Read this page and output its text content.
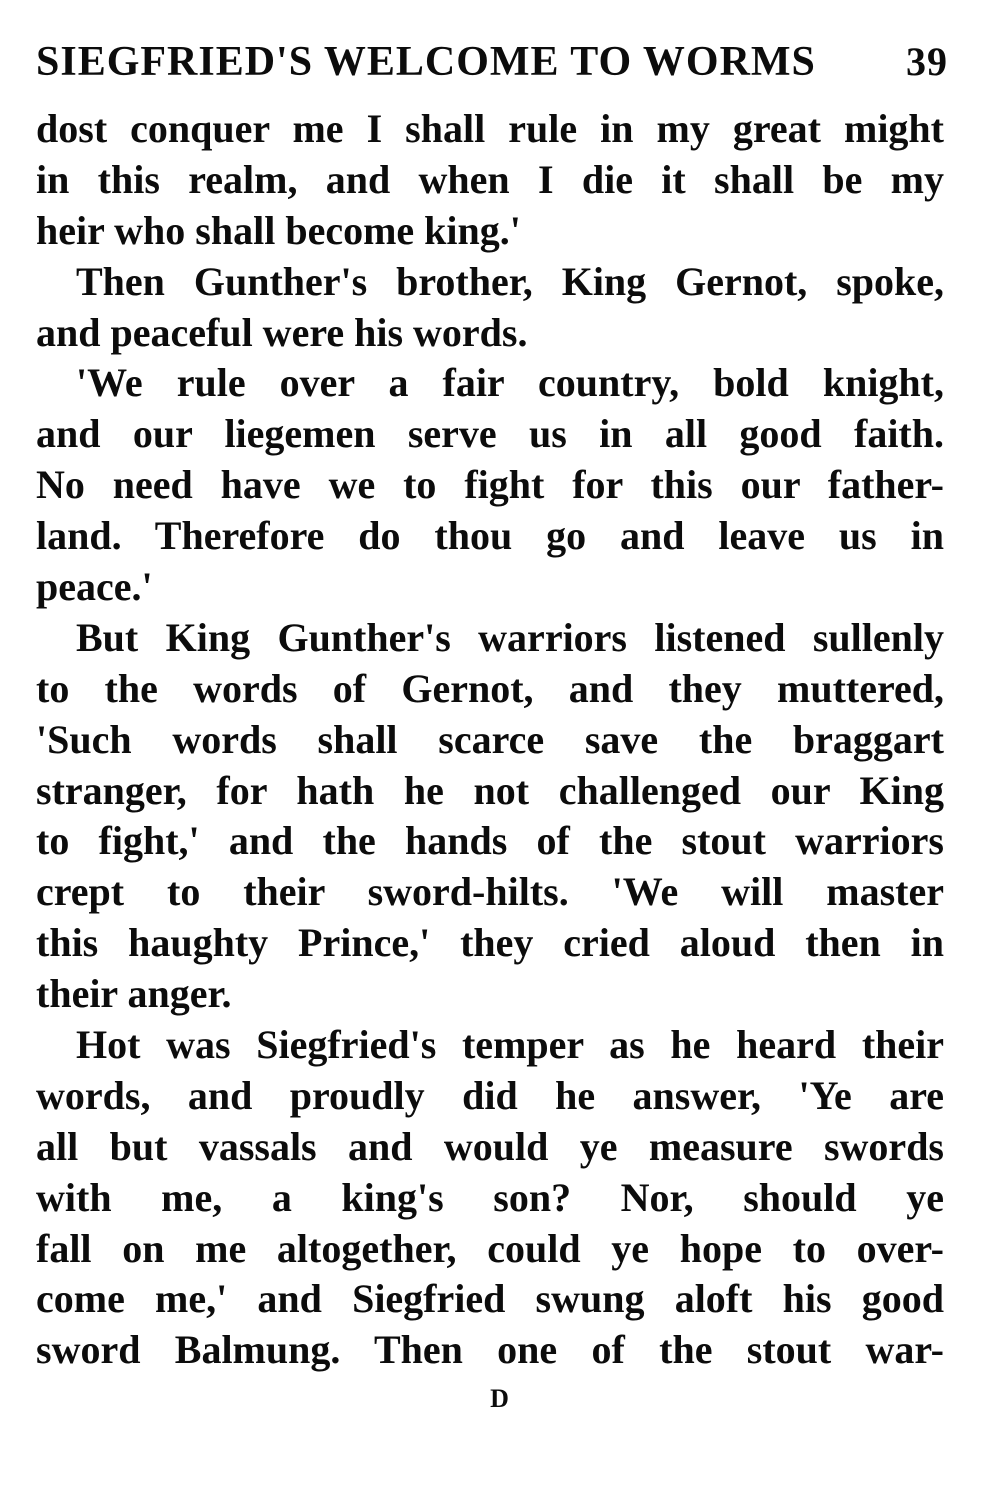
SIEGFRIED'S WELCOME TO WORMS 39
dost conquer me I shall rule in my great might
in this realm, and when I die it shall be my
heir who shall become king.'
Then Gunther's brother, King Gernot, spoke,
and peaceful were his words.
'We rule over a fair country, bold knight,
and our liegemen serve us in all good faith.
No need have we to fight for this our father-
land. Therefore do thou go and leave us in
peace.'
But King Gunther's warriors listened sullenly
to the words of Gernot, and they muttered,
'Such words shall scarce save the braggart
stranger, for hath he not challenged our King
to fight,' and the hands of the stout warriors
crept to their sword-hilts. 'We will master
this haughty Prince,' they cried aloud then in
their anger.
Hot was Siegfried's temper as he heard their
words, and proudly did he answer, 'Ye are
all but vassals and would ye measure swords
with me, a king's son? Nor, should ye
fall on me altogether, could ye hope to over-
come me,' and Siegfried swung aloft his good
sword Balmung. Then one of the stout war-
D
